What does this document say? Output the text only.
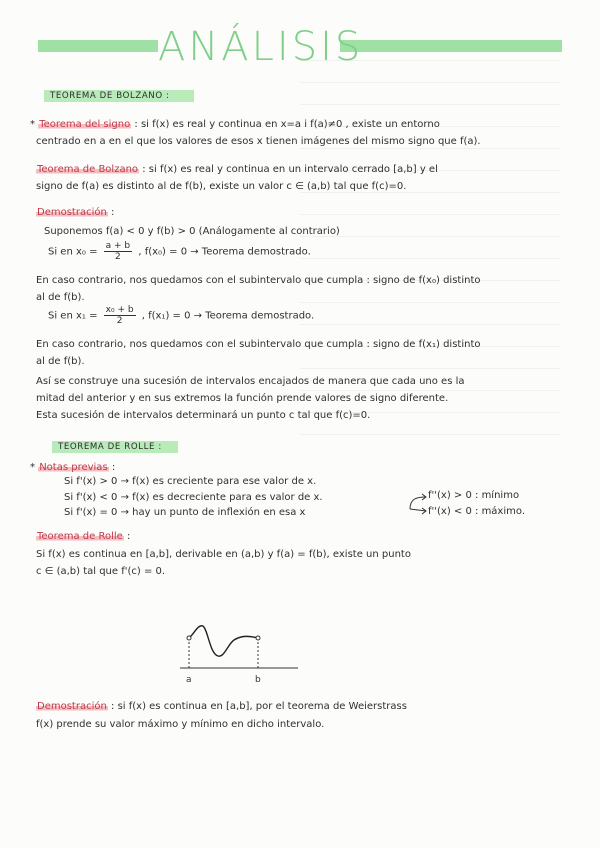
ANÁLISIS
TEOREMA DE BOLZANO :
* Teorema del signo : si f(x) es real y continua en x=a i f(a)≠0 , existe un entorno
centrado en a en el que los valores de esos x tienen imágenes del mismo signo que f(a).
Teorema de Bolzano : si f(x) es real y continua en un intervalo cerrado [a,b] y el
signo de f(a) es distinto al de f(b), existe un valor c ∈ (a,b) tal que f(c)=0.
Demostración :
Suponemos f(a) < 0 y f(b) > 0 (Análogamente al contrario)
Si en $x_0 = \frac{a + b}{2}$ , f(x₀) = 0 → Teorema demostrado.
En caso contrario, nos quedamos con el subintervalo que cumpla : signo de f(x₀) distinto
al de f(b).
Si en $x_1 = \frac{\text{x₀ + b}}{2}$ , f(x₁) = 0 → Teorema demostrado.
En caso contrario, nos quedamos con el subintervalo que cumpla : signo de f(x₁) distinto
al de f(b).
Así se construye una sucesión de intervalos encajados de manera que cada uno es la
mitad del anterior y en sus extremos la función prende valores de signo diferente.
Esta sucesión de intervalos determinará un punto c tal que f(c)=0.
TEOREMA DE ROLLE :
* Notas previas :
Si f'(x) > 0 → f(x) es creciente para ese valor de x.
Si f'(x) < 0 → f(x) es decreciente para es valor de x.
Si f'(x) = 0 → hay un punto de inflexión en esa x
f''(x) > 0 : mínimo
f''(x) < 0 : máximo.
Teorema de Rolle :
Si f(x) es continua en [a,b], derivable en (a,b) y f(a) = f(b), existe un punto
c ∈ (a,b) tal que f'(c) = 0.
a	b
Demostración : si f(x) es continua en [a,b], por el teorema de Weierstrass
f(x) prende su valor máximo y mínimo en dicho intervalo.
